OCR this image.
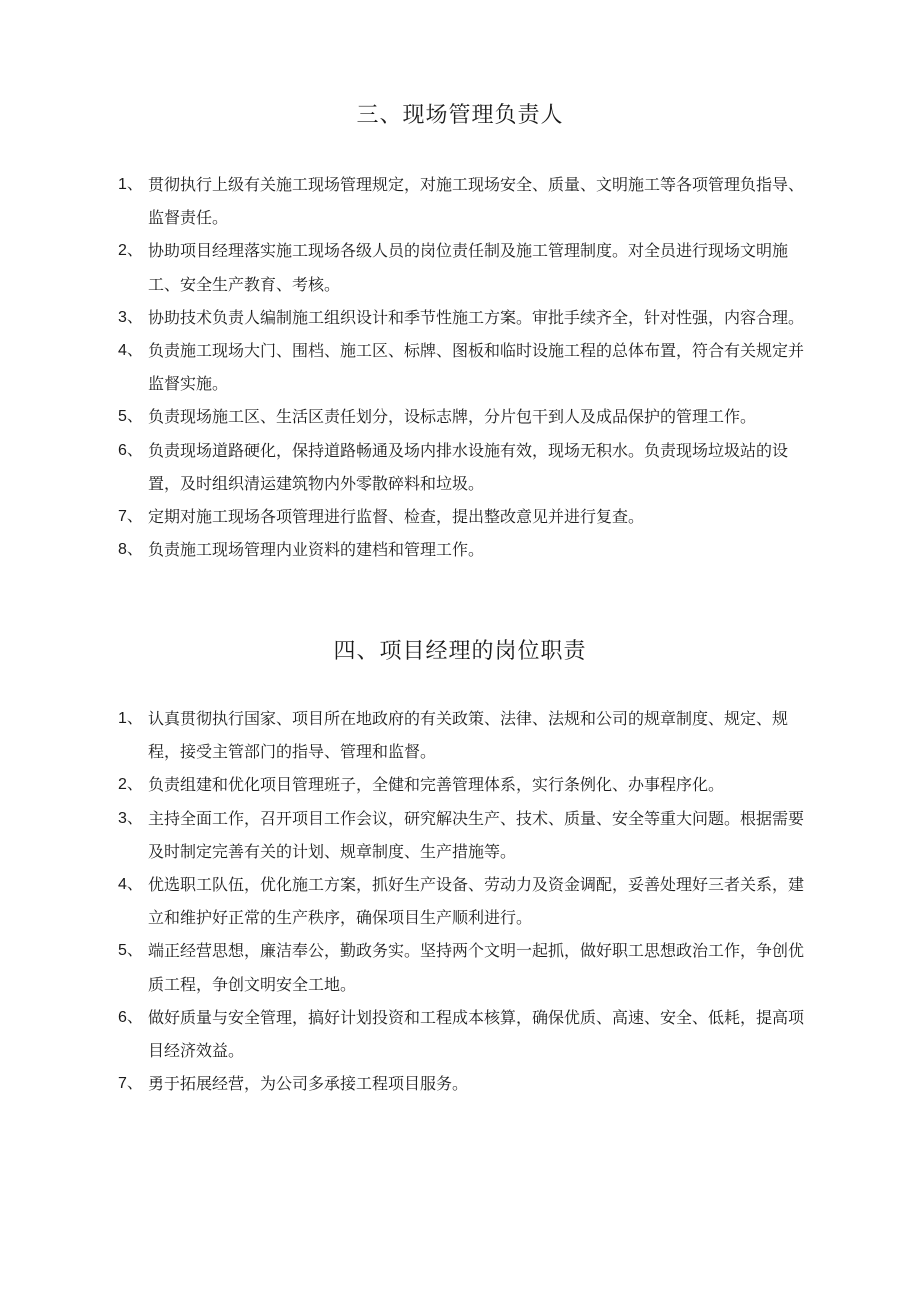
三、现场管理负责人
1、 贯彻执行上级有关施工现场管理规定，对施工现场安全、质量、文明施工等各项管理负指导、监督责任。
2、 协助项目经理落实施工现场各级人员的岗位责任制及施工管理制度。对全员进行现场文明施工、安全生产教育、考核。
3、 协助技术负责人编制施工组织设计和季节性施工方案。审批手续齐全，针对性强，内容合理。
4、 负责施工现场大门、围档、施工区、标牌、图板和临时设施工程的总体布置，符合有关规定并监督实施。
5、 负责现场施工区、生活区责任划分，设标志牌，分片包干到人及成品保护的管理工作。
6、 负责现场道路硬化，保持道路畅通及场内排水设施有效，现场无积水。负责现场垃圾站的设置，及时组织清运建筑物内外零散碎料和垃圾。
7、 定期对施工现场各项管理进行监督、检查，提出整改意见并进行复查。
8、 负责施工现场管理内业资料的建档和管理工作。
四、项目经理的岗位职责
1、 认真贯彻执行国家、项目所在地政府的有关政策、法律、法规和公司的规章制度、规定、规程，接受主管部门的指导、管理和监督。
2、 负责组建和优化项目管理班子，全健和完善管理体系，实行条例化、办事程序化。
3、 主持全面工作，召开项目工作会议，研究解决生产、技术、质量、安全等重大问题。根据需要及时制定完善有关的计划、规章制度、生产措施等。
4、 优选职工队伍，优化施工方案，抓好生产设备、劳动力及资金调配，妥善处理好三者关系，建立和维护好正常的生产秩序，确保项目生产顺利进行。
5、 端正经营思想，廉洁奉公，勤政务实。坚持两个文明一起抓，做好职工思想政治工作，争创优质工程，争创文明安全工地。
6、 做好质量与安全管理，搞好计划投资和工程成本核算，确保优质、高速、安全、低耗，提高项目经济效益。
7、 勇于拓展经营，为公司多承接工程项目服务。
